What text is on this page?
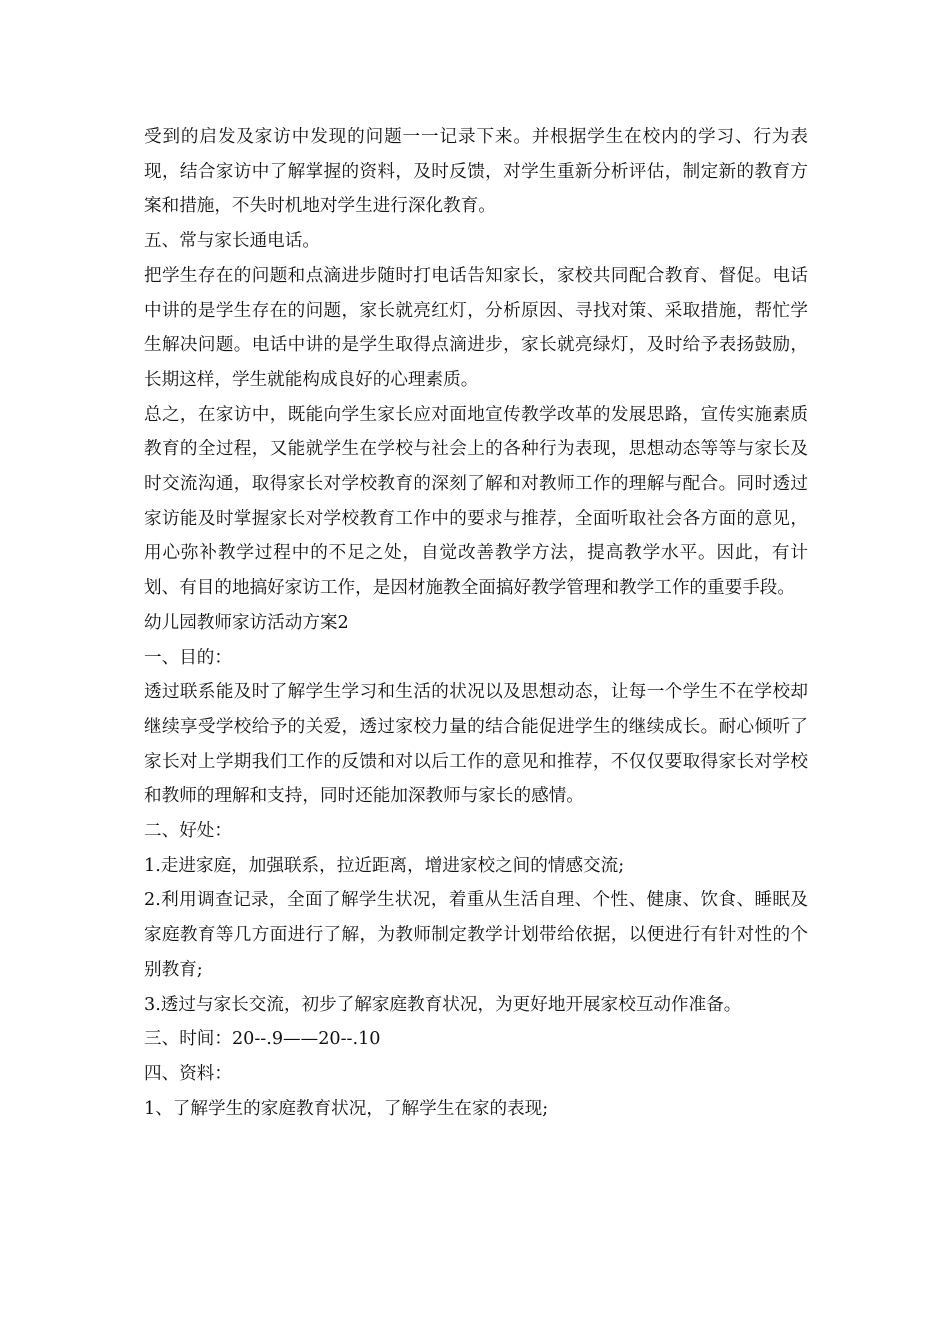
受到的启发及家访中发现的问题一一记录下来。并根据学生在校内的学习、行为表现，结合家访中了解掌握的资料，及时反馈，对学生重新分析评估，制定新的教育方案和措施，不失时机地对学生进行深化教育。

五、常与家长通电话。

把学生存在的问题和点滴进步随时打电话告知家长，家校共同配合教育、督促。电话中讲的是学生存在的问题，家长就亮红灯，分析原因、寻找对策、采取措施，帮忙学生解决问题。电话中讲的是学生取得点滴进步，家长就亮绿灯，及时给予表扬鼓励，长期这样，学生就能构成良好的心理素质。

总之，在家访中，既能向学生家长应对面地宣传教学改革的发展思路，宣传实施素质教育的全过程，又能就学生在学校与社会上的各种行为表现，思想动态等等与家长及时交流沟通，取得家长对学校教育的深刻了解和对教师工作的理解与配合。同时透过家访能及时掌握家长对学校教育工作中的要求与推荐，全面听取社会各方面的意见，用心弥补教学过程中的不足之处，自觉改善教学方法，提高教学水平。因此，有计划、有目的地搞好家访工作，是因材施教全面搞好教学管理和教学工作的重要手段。

幼儿园教师家访活动方案2

一、目的：

透过联系能及时了解学生学习和生活的状况以及思想动态，让每一个学生不在学校却继续享受学校给予的关爱，透过家校力量的结合能促进学生的继续成长。耐心倾听了家长对上学期我们工作的反馈和对以后工作的意见和推荐，不仅仅要取得家长对学校和教师的理解和支持，同时还能加深教师与家长的感情。

二、好处：

1.走进家庭，加强联系，拉近距离，增进家校之间的情感交流;

2.利用调查记录，全面了解学生状况，着重从生活自理、个性、健康、饮食、睡眠及家庭教育等几方面进行了解，为教师制定教学计划带给依据，以便进行有针对性的个别教育;

3.透过与家长交流，初步了解家庭教育状况，为更好地开展家校互动作准备。

三、时间：20--.9——20--.10

四、资料：

1、了解学生的家庭教育状况，了解学生在家的表现;
